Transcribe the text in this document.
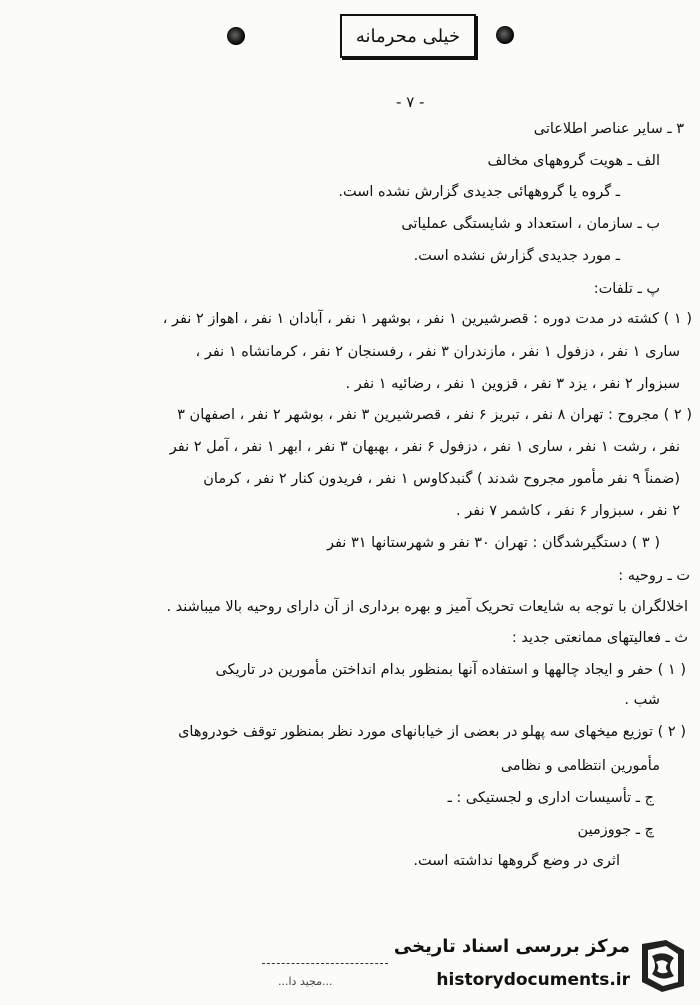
خیلی محرمانه
- ۷ -
۳ ـ سایر عناصر اطلاعاتی
الف ـ هویت گروههای مخالف
ـ گروه یا گروههائی جدیدی گزارش نشده است.
ب ـ سازمان ، استعداد و شایستگی عملیاتی
ـ مورد جدیدی گزارش نشده است.
پ ـ تلفات:
( ۱ ) کشته در مدت دوره : قصرشیرین ۱ نفر ، بوشهر ۱ نفر ، آبادان ۱ نفر ، اهواز ۲ نفر ،
ساری ۱ نفر ، دزفول ۱ نفر ، مازندران ۳ نفر ، رفسنجان ۲ نفر ، کرمانشاه ۱ نفر ،
سبزوار ۲ نفر ، یزد ۳ نفر ، قزوین ۱ نفر ، رضائیه ۱ نفر .
( ۲ ) مجروح : تهران ۸ نفر ، تبریز ۶ نفر ، قصرشیرین ۳ نفر ، بوشهر ۲ نفر ، اصفهان ۳
نفر ، رشت ۱ نفر ، ساری ۱ نفر ، دزفول ۶ نفر ، بهبهان ۳ نفر ، ابهر ۱ نفر ، آمل ۲ نفر
(ضمناً ۹ نفر مأمور مجروح شدند ) گنبدکاوس ۱ نفر ، فریدون کنار ۲ نفر ، کرمان
۲ نفر ، سبزوار ۶ نفر ، کاشمر ۷ نفر .
( ۳ ) دستگیرشدگان : تهران ۳۰ نفر و شهرستانها ۳۱ نفر
ت ـ روحیه :
اخلالگران با توجه به شایعات تحریک آمیز و بهره برداری از آن دارای روحیه بالا میباشند .
ث ـ فعالیتهای ممانعتی جدید :
( ۱ ) حفر و ایجاد چالهها و استفاده آنها بمنظور بدام انداختن مأمورین در تاریکی
شب .
( ۲ ) توزیع میخهای سه پهلو در بعضی از خیابانهای مورد نظر بمنظور توقف خودروهای
مأمورین انتظامی و نظامی
ج ـ تأسیسات اداری و لجستیکی : ـ
چ ـ جووزمین
اثری در وضع گروهها نداشته است.
...مجید دا...
مرکز بررسی اسناد تاریخی
historydocuments.ir
